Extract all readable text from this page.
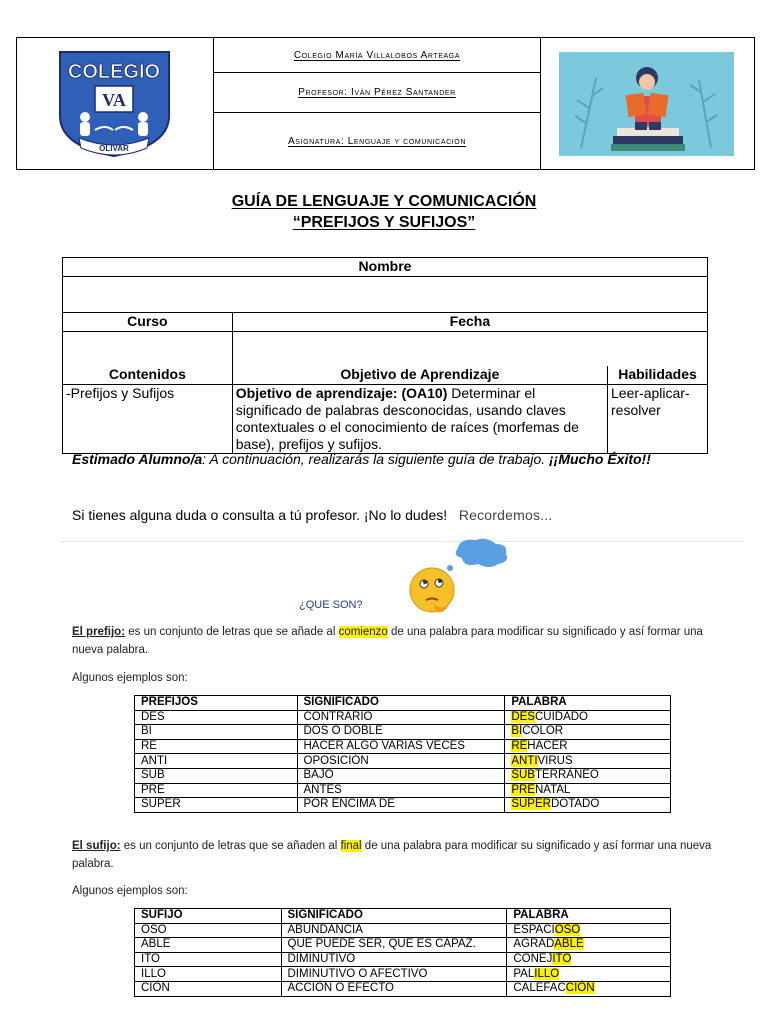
COLEGIO
VA
OLIVAR
Colegio María Villalobos Arteaga
Profesor: Iván Pérez Santander
Asignatura: Lenguaje y comunicación
GUÍA DE LENGUAJE Y COMUNICACIÓN
“PREFIJOS Y SUFIJOS”
Nombre		

Curso	Fecha	

Contenidos	Objetivo de Aprendizaje	Habilidades
-Prefijos y Sufijos	Objetivo de aprendizaje: (OA10) Determinar el significado de palabras desconocidas, usando claves contextuales o el conocimiento de raíces (morfemas de base), prefijos y sufijos.	Leer-aplicar-resolver
Estimado Alumno/a: A continuación, realizarás la siguiente guía de trabajo. ¡¡Mucho Éxito!!
Si tienes alguna duda o consulta a tú profesor. ¡No lo dudes! Recordemos...
¿QUE SON?
El prefijo: es un conjunto de letras que se añade al comienzo de una palabra para modificar su significado y así formar una nueva palabra.
Algunos ejemplos son:
PREFIJOS	SIGNIFICADO	PALABRA
DES	CONTRARIO	DESCUIDADO
BI	DOS O DOBLE	BICOLOR
RE	HACER ALGO VARIAS VECES	REHACER
ANTI	OPOSICIÓN	ANTIVIRUS
SUB	BAJO	SUBTERRÁNEO
PRE	ANTES	PRENATAL
SUPER	POR ENCIMA DE	SUPERDOTADO
El sufijo: es un conjunto de letras que se añaden al final de una palabra para modificar su significado y así formar una nueva palabra.
Algunos ejemplos son:
SUFIJO	SIGNIFICADO	PALABRA
OSO	ABUNDANCIA	ESPACIOSO
ABLE	QUE PUEDE SER, QUE ES CAPAZ.	AGRADABLE
ITO	DIMINUTIVO	CONEJITO
ILLO	DIMINUTIVO O AFECTIVO	PALILLO
CIÓN	ACCIÓN O EFECTO	CALEFACCIÓN
